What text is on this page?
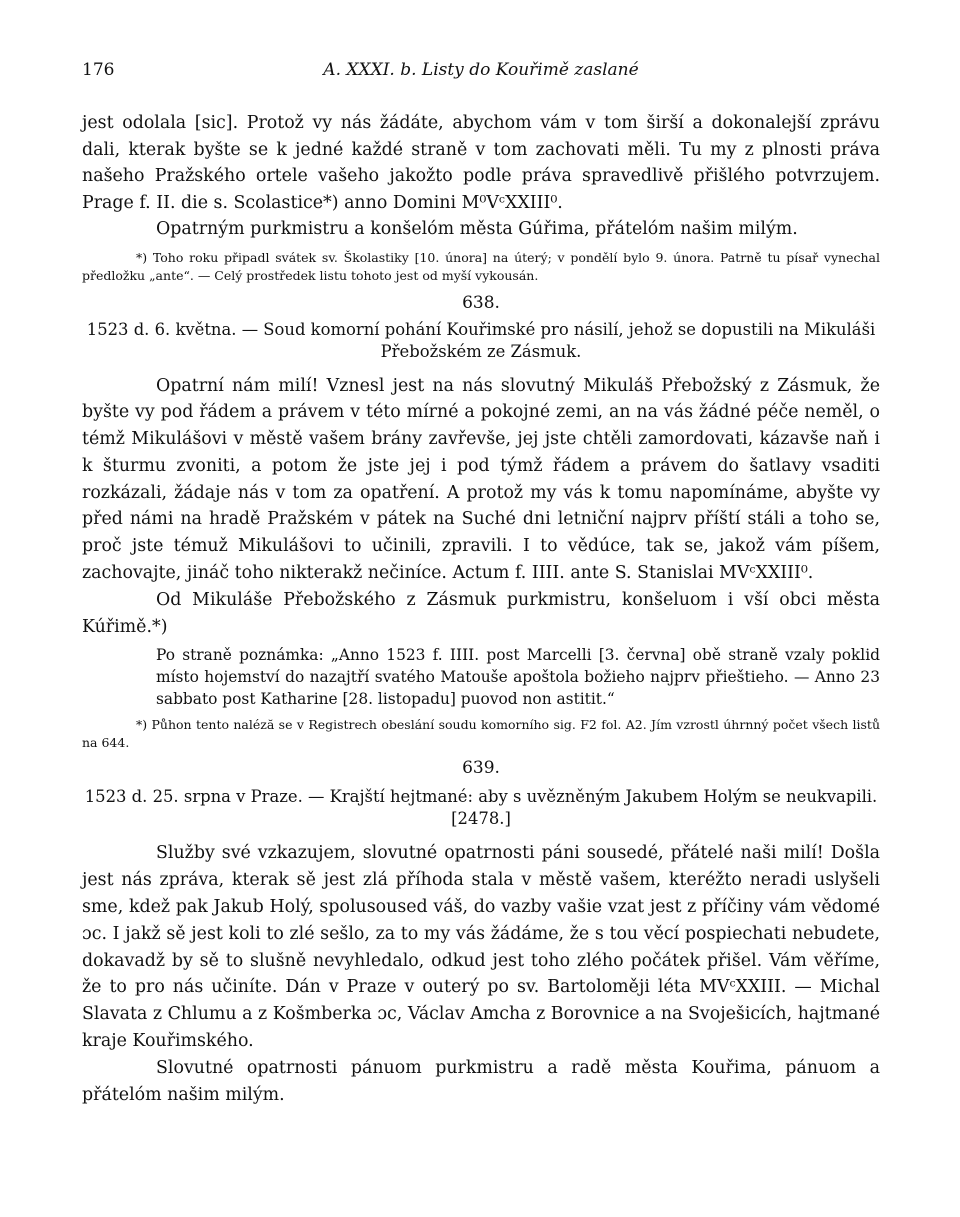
176	A. XXXI. b. Listy do Kouřimě zaslané

jest odolala [sic]. Protož vy nás žádáte, abychom vám v tom širší a dokonalejší zprávu dali, kterak byšte se k jedné každé straně v tom zachovati měli. Tu my z plnosti práva našeho Pražského ortele vašeho jakožto podle práva spravedlivě přišlého potvrzujem. Prage f. II. die s. Scolastice*) anno Domini M⁰VᶜXXIII⁰.

Opatrným purkmistru a konšelóm města Gúřima, přátelóm našim milým.

*) Toho roku připadl svátek sv. Školastiky [10. února] na úterý; v pondělí bylo 9. února. Patrně tu písař vynechal předložku „ante“. — Celý prostředek listu tohoto jest od myší vykousán.

638.

1523 d. 6. května. — Soud komorní pohání Kouřimské pro násilí, jehož se dopustili na Mikuláši Přebožském ze Zásmuk.

Opatrní nám milí! Vznesl jest na nás slovutný Mikuláš Přebožský z Zásmuk, že byšte vy pod řádem a právem v této mírné a pokojné zemi, an na vás žádné péče neměl, o témž Mikulášovi v městě vašem brány zavřevše, jej jste chtěli zamordovati, kázavše naň i k šturmu zvoniti, a potom že jste jej i pod týmž řádem a právem do šatlavy vsaditi rozkázali, žádaje nás v tom za opatření. A protož my vás k tomu napomínáme, abyšte vy před námi na hradě Pražském v pátek na Suché dni letniční najprv příští stáli a toho se, proč jste témuž Mikulášovi to učinili, zpravili. I to vědúce, tak se, jakož vám píšem, zachovajte, jináč toho nikterakž nečiníce. Actum f. IIII. ante S. Stanislai MVᶜXXIII⁰.

Od Mikuláše Přebožského z Zásmuk purkmistru, konšeluom i vší obci města Kúřimě.*)

Po straně poznámka: „Anno 1523 f. IIII. post Marcelli [3. června] obě straně vzaly poklid místo hojemství do nazajtří svatého Matouše apoštola božieho najprv přieštieho. — Anno 23 sabbato post Katharine [28. listopadu] puovod non astitit.“

*) Půhon tento naléză se v Registrech obeslání soudu komorního sig. F2 fol. A2. Jím vzrostl úhrnný počet všech listů na 644.

639.

1523 d. 25. srpna v Praze. — Krajští hejtmané: aby s uvězněným Jakubem Holým se neukvapili. [2478.]

Služby své vzkazujem, slovutné opatrnosti páni sousedé, přátelé naši milí! Došla jest nás zpráva, kterak sě jest zlá příhoda stala v městě vašem, kteréžto neradi uslyšeli sme, kdež pak Jakub Holý, spolusoused váš, do vazby vašie vzat jest z příčiny vám vědomé ɔc. I jakž sě jest koli to zlé sešlo, za to my vás žádáme, že s tou věcí pospiechati nebudete, dokavadž by sě to slušně nevyhledalo, odkud jest toho zlého počátek přišel. Vám věříme, že to pro nás učiníte. Dán v Praze v outerý po sv. Bartoloměji léta MVᶜXXIII. — Michal Slavata z Chlumu a z Košmberka ɔc, Václav Amcha z Borovnice a na Svoješicích, hajtmané kraje Kouřimského.

Slovutné opatrnosti pánuom purkmistru a radě města Kouřima, pánuom a přátelóm našim milým.
